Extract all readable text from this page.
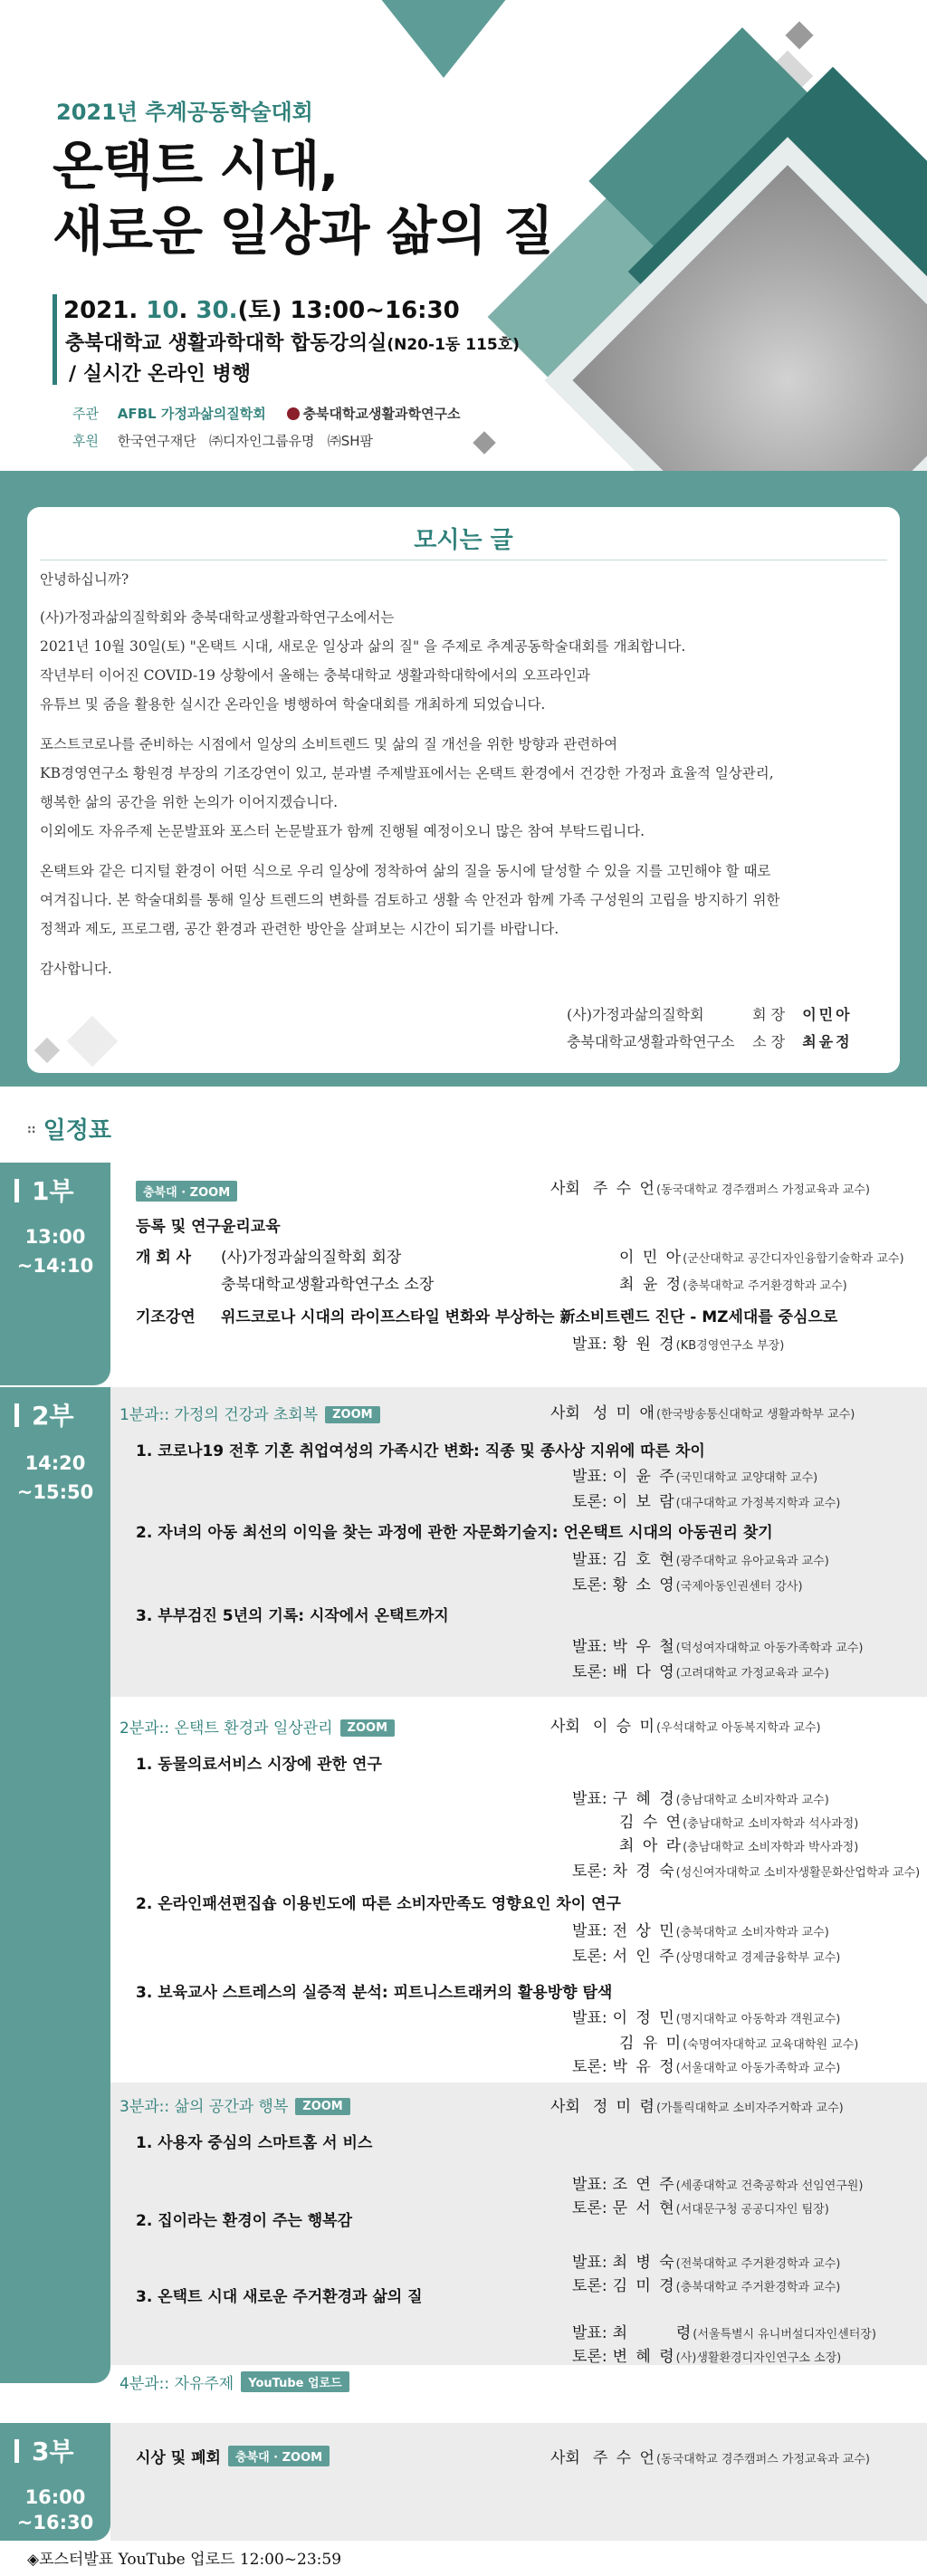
2021년 추계공동학술대회
온택트 시대,
새로운 일상과 삶의 질
2021. 10. 30.(토) 13:00~16:30
충북대학교 생활과학대학 합동강의실(N20-1동 115호)
/ 실시간 온라인 병행
주관 AFBL 가정과삶의질학회	충북대학교생활과학연구소
후원 한국연구재단   ㈜디자인그룹유명   ㈜SH팜
모시는 글
안녕하십니까?
(사)가정과삶의질학회와 충북대학교생활과학연구소에서는
2021년 10월 30일(토) "온택트 시대, 새로운 일상과 삶의 질" 을 주제로 추계공동학술대회를 개최합니다.
작년부터 이어진 COVID-19 상황에서 올해는 충북대학교 생활과학대학에서의 오프라인과
유튜브 및 줌을 활용한 실시간 온라인을 병행하여 학술대회를 개최하게 되었습니다.
포스트코로나를 준비하는 시점에서 일상의 소비트렌드 및 삶의 질 개선을 위한 방향과 관련하여
KB경영연구소 황원경 부장의 기조강연이 있고, 분과별 주제발표에서는 온택트 환경에서 건강한 가정과 효율적 일상관리,
행복한 삶의 공간을 위한 논의가 이어지겠습니다.
이외에도 자유주제 논문발표와 포스터 논문발표가 함께 진행될 예정이오니 많은 참여 부탁드립니다.
온택트와 같은 디지털 환경이 어떤 식으로 우리 일상에 정착하여 삶의 질을 동시에 달성할 수 있을 지를 고민해야 할 때로
여겨집니다. 본 학술대회를 통해 일상 트렌드의 변화를 검토하고 생활 속 안전과 함께 가족 구성원의 고립을 방지하기 위한
정책과 제도, 프로그램, 공간 환경과 관련한 방안을 살펴보는 시간이 되기를 바랍니다.
감사합니다.
(사)가정과삶의질학회	회 장 이민아
충북대학교생활과학연구소 소 장 최윤정
:: 일정표
1부
13:00
~14:10
충북대 · ZOOM	사회 주 수 언(동국대학교 경주캠퍼스 가정교육과 교수)
등록 및 연구윤리교육
개 회 사 (사)가정과삶의질학회 회장	이 민 아(군산대학교 공간디자인융합기술학과 교수)
충북대학교생활과학연구소 소장	최 윤 정(충북대학교 주거환경학과 교수)
기조강연 위드코로나 시대의 라이프스타일 변화와 부상하는 新소비트렌드 진단 - MZ세대를 중심으로
발표: 황 원 경(KB경영연구소 부장)
2부
14:20
~15:50
1분과:: 가정의 건강과 초회복 ZOOM	사회 성 미 애(한국방송통신대학교 생활과학부 교수)
1. 코로나19 전후 기혼 취업여성의 가족시간 변화: 직종 및 종사상 지위에 따른 차이
발표: 이 윤 주(국민대학교 교양대학 교수)
토론: 이 보 람(대구대학교 가정복지학과 교수)
2. 자녀의 아동 최선의 이익을 찾는 과정에 관한 자문화기술지: 언온택트 시대의 아동권리 찾기
발표: 김 호 현(광주대학교 유아교육과 교수)
토론: 황 소 영(국제아동인권센터 강사)
3. 부부검진 5년의 기록: 시작에서 온택트까지
발표: 박 우 철(덕성여자대학교 아동가족학과 교수)
토론: 배 다 영(고려대학교 가정교육과 교수)
2분과:: 온택트 환경과 일상관리 ZOOM	사회 이 승 미(우석대학교 아동복지학과 교수)
1. 동물의료서비스 시장에 관한 연구
발표: 구 혜 경(충남대학교 소비자학과 교수)
김 수 연(충남대학교 소비자학과 석사과정)
최 아 라(충남대학교 소비자학과 박사과정)
토론: 차 경 숙(성신여자대학교 소비자생활문화산업학과 교수)
2. 온라인패션편집숍 이용빈도에 따른 소비자만족도 영향요인 차이 연구
발표: 전 상 민(충북대학교 소비자학과 교수)
토론: 서 인 주(상명대학교 경제금융학부 교수)
3. 보육교사 스트레스의 실증적 분석: 피트니스트래커의 활용방향 탐색
발표: 이 정 민(명지대학교 아동학과 객원교수)
김 유 미(숙명여자대학교 교육대학원 교수)
토론: 박 유 정(서울대학교 아동가족학과 교수)
3분과:: 삶의 공간과 행복 ZOOM	사회 정 미 렴(가톨릭대학교 소비자주거학과 교수)
1. 사용자 중심의 스마트홈 서 비스
발표: 조 연 주(세종대학교 건축공학과 선임연구원)
토론: 문 서 현(서대문구청 공공디자인 팀장)
2. 집이라는 환경이 주는 행복감
발표: 최 병 숙(전북대학교 주거환경학과 교수)
토론: 김 미 경(충북대학교 주거환경학과 교수)
3. 온택트 시대 새로운 주거환경과 삶의 질
발표: 최       령(서울특별시 유니버설디자인센터장)
토론: 변 혜 령(사)생활환경디자인연구소 소장)
4분과:: 자유주제 YouTube 업로드
3부
16:00
~16:30
시상 및 폐회 충북대 · ZOOM	사회 주 수 언(동국대학교 경주캠퍼스 가정교육과 교수)
◈포스터발표 YouTube 업로드 12:00~23:59
